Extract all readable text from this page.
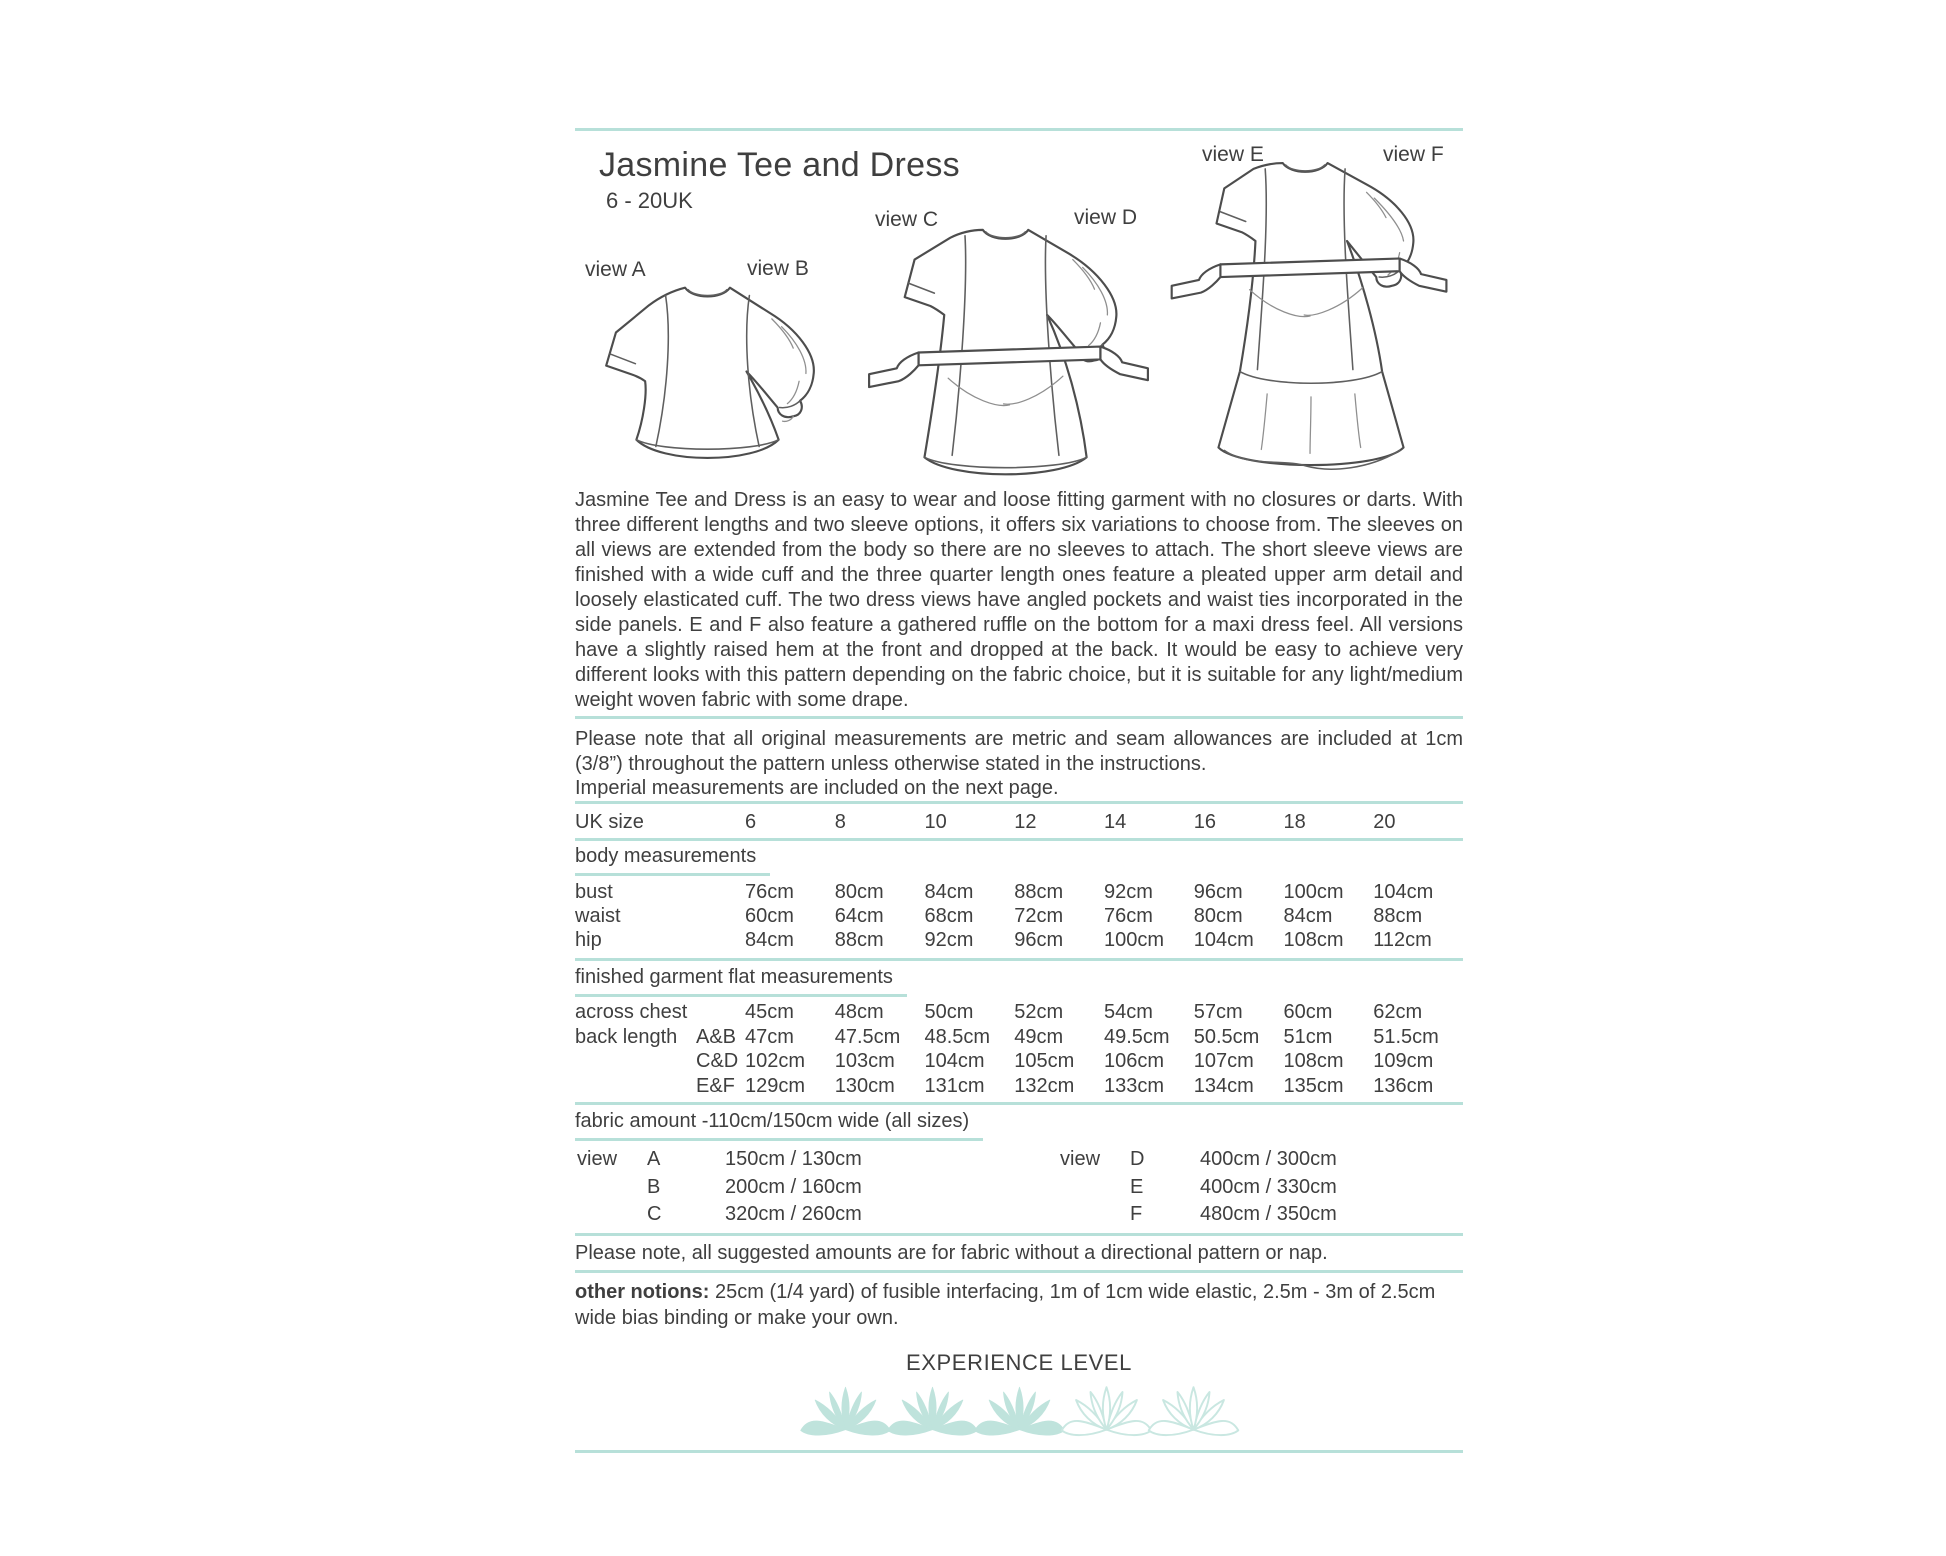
Jasmine Tee and Dress

6 - 20UK

view A	view B
view C	view D
view E	view F

Jasmine Tee and Dress is an easy to wear and loose fitting garment with no closures or darts. With three different lengths and two sleeve options, it offers six variations to choose from. The sleeves on all views are extended from the body so there are no sleeves to attach. The short sleeve views are finished with a wide cuff and the three quarter length ones feature a pleated upper arm detail and loosely elasticated cuff. The two dress views have angled pockets and waist ties incorporated in the side panels. E and F also feature a gathered ruffle on the bottom for a maxi dress feel. All versions have a slightly raised hem at the front and dropped at the back. It would be easy to achieve very different looks with this pattern depending on the fabric choice, but it is suitable for any light/medium weight woven fabric with some drape.

Please note that all original measurements are metric and seam allowances are included at 1cm (3/8”) throughout the pattern unless otherwise stated in the instructions.
Imperial measurements are included on the next page.

UK size	6	8	10	12	14	16	18	20
body measurements
bust	76cm	80cm	84cm	88cm	92cm	96cm	100cm	104cm
waist	60cm	64cm	68cm	72cm	76cm	80cm	84cm	88cm
hip	84cm	88cm	92cm	96cm	100cm	104cm	108cm	112cm
finished garment flat measurements
across chest	45cm	48cm	50cm	52cm	54cm	57cm	60cm	62cm
back length A&B 47cm	47.5cm	48.5cm	49cm	49.5cm	50.5cm	51cm	51.5cm
C&D 102cm	103cm	104cm	105cm	106cm	107cm	108cm	109cm
E&F 129cm	130cm	131cm	132cm	133cm	134cm	135cm	136cm
fabric amount -110cm/150cm wide (all sizes)
view	A	150cm / 130cm
B	200cm / 160cm
C	320cm / 260cm
view	D	400cm / 300cm
E	400cm / 330cm
F	480cm / 350cm

Please note, all suggested amounts are for fabric without a directional pattern or nap.

other notions: 25cm (1/4 yard) of fusible interfacing, 1m of 1cm wide elastic, 2.5m - 3m of 2.5cm wide bias binding or make your own.

EXPERIENCE LEVEL
